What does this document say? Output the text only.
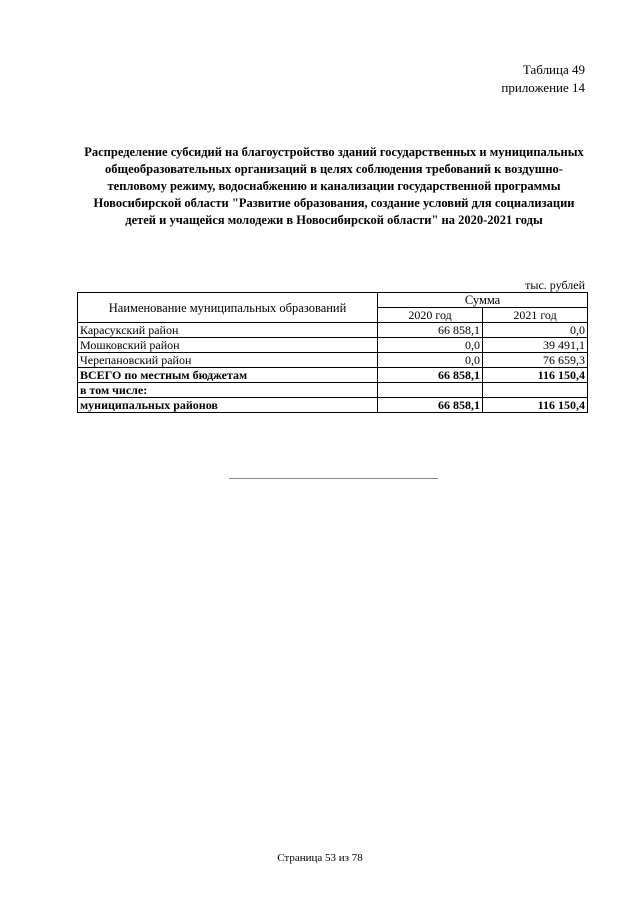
Таблица 49
приложение 14
Распределение субсидий на благоустройство зданий государственных и муниципальных общеобразовательных организаций в целях соблюдения требований к воздушно-тепловому режиму, водоснабжению и канализации государственной программы Новосибирской области "Развитие образования, создание условий для социализации детей и учащейся молодежи в Новосибирской области" на 2020-2021 годы
тыс. рублей
Наименование муниципальных образований	Сумма	
	2020 год	2021 год
Карасукский район	66 858,1	0,0
Мошковский район	0,0	39 491,1
Черепановский район	0,0	76 659,3
ВСЕГО по местным бюджетам	66 858,1	116 150,4
в том числе:		
муниципальных районов	66 858,1	116 150,4
Страница 53 из 78
